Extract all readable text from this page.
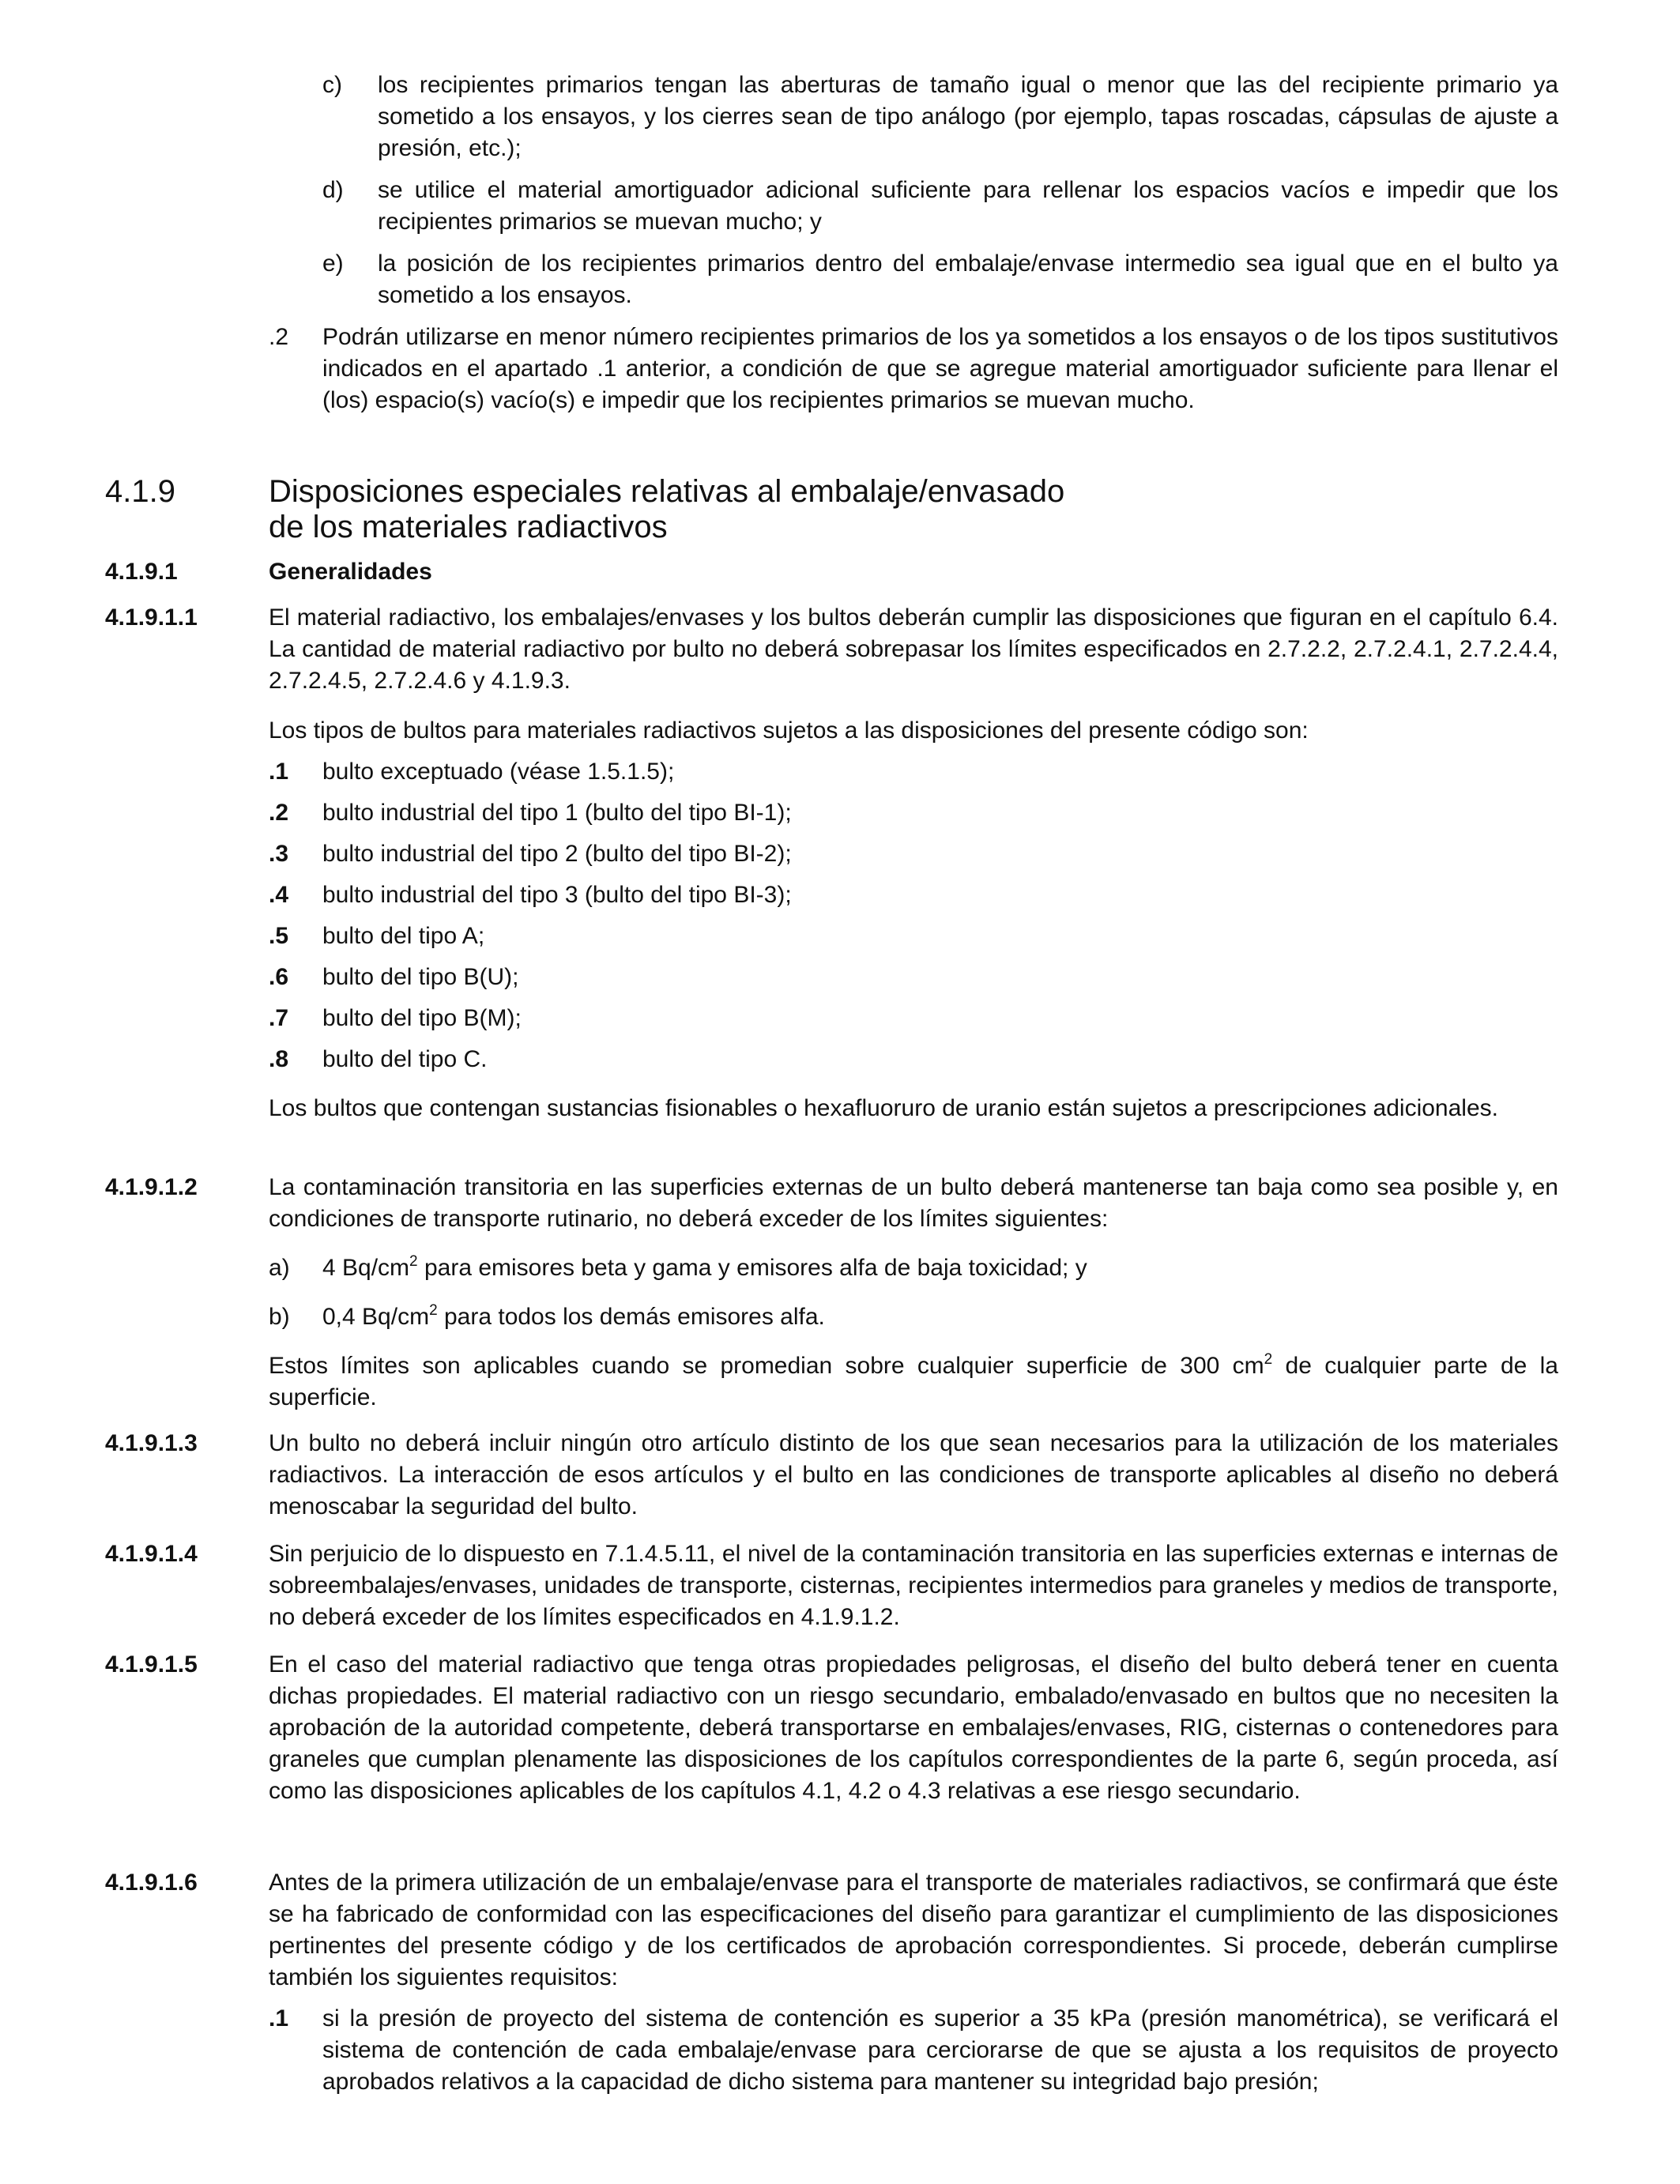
c) los recipientes primarios tengan las aberturas de tamaño igual o menor que las del recipiente primario ya sometido a los ensayos, y los cierres sean de tipo análogo (por ejemplo, tapas roscadas, cápsulas de ajuste a presión, etc.);

d) se utilice el material amortiguador adicional suficiente para rellenar los espacios vacíos e impedir que los recipientes primarios se muevan mucho; y

e) la posición de los recipientes primarios dentro del embalaje/envase intermedio sea igual que en el bulto ya sometido a los ensayos.

.2 Podrán utilizarse en menor número recipientes primarios de los ya sometidos a los ensayos o de los tipos sustitutivos indicados en el apartado .1 anterior, a condición de que se agregue material amortiguador suficiente para llenar el (los) espacio(s) vacío(s) e impedir que los recipientes primarios se muevan mucho.

4.1.9	Disposiciones especiales relativas al embalaje/envasado
de los materiales radiactivos
4.1.9.1	Generalidades
4.1.9.1.1	El material radiactivo, los embalajes/envases y los bultos deberán cumplir las disposiciones que figuran en el capítulo 6.4. La cantidad de material radiactivo por bulto no deberá sobrepasar los límites especificados en 2.7.2.2, 2.7.2.4.1, 2.7.2.4.4, 2.7.2.4.5, 2.7.2.4.6 y 4.1.9.3.

Los tipos de bultos para materiales radiactivos sujetos a las disposiciones del presente código son:

.1 bulto exceptuado (véase 1.5.1.5);
.2 bulto industrial del tipo 1 (bulto del tipo BI-1);
.3 bulto industrial del tipo 2 (bulto del tipo BI-2);
.4 bulto industrial del tipo 3 (bulto del tipo BI-3);
.5 bulto del tipo A;
.6 bulto del tipo B(U);
.7 bulto del tipo B(M);
.8 bulto del tipo C.

Los bultos que contengan sustancias fisionables o hexafluoruro de uranio están sujetos a prescripciones adicionales.

4.1.9.1.2	La contaminación transitoria en las superficies externas de un bulto deberá mantenerse tan baja como sea posible y, en condiciones de transporte rutinario, no deberá exceder de los límites siguientes:

a) 4 $Bq/cm^2$ para emisores beta y gama y emisores alfa de baja toxicidad; y

b) 0,4 $Bq/cm^2$ para todos los demás emisores alfa.

Estos límites son aplicables cuando se promedian sobre cualquier superficie de 300 $cm^2$ de cualquier parte de la superficie.

4.1.9.1.3	Un bulto no deberá incluir ningún otro artículo distinto de los que sean necesarios para la utilización de los materiales radiactivos. La interacción de esos artículos y el bulto en las condiciones de transporte aplicables al diseño no deberá menoscabar la seguridad del bulto.

4.1.9.1.4	Sin perjuicio de lo dispuesto en 7.1.4.5.11, el nivel de la contaminación transitoria en las superficies externas e internas de sobreembalajes/envases, unidades de transporte, cisternas, recipientes intermedios para graneles y medios de transporte, no deberá exceder de los límites especificados en 4.1.9.1.2.

4.1.9.1.5	En el caso del material radiactivo que tenga otras propiedades peligrosas, el diseño del bulto deberá tener en cuenta dichas propiedades. El material radiactivo con un riesgo secundario, embalado/envasado en bultos que no necesiten la aprobación de la autoridad competente, deberá transportarse en embalajes/envases, RIG, cisternas o contenedores para graneles que cumplan plenamente las disposiciones de los capítulos correspondientes de la parte 6, según proceda, así como las disposiciones aplicables de los capítulos 4.1, 4.2 o 4.3 relativas a ese riesgo secundario.

4.1.9.1.6	Antes de la primera utilización de un embalaje/envase para el transporte de materiales radiactivos, se confirmará que éste se ha fabricado de conformidad con las especificaciones del diseño para garantizar el cumplimiento de las disposiciones pertinentes del presente código y de los certificados de aprobación correspondientes. Si procede, deberán cumplirse también los siguientes requisitos:

.1 si la presión de proyecto del sistema de contención es superior a 35 kPa (presión manométrica), se verificará el sistema de contención de cada embalaje/envase para cerciorarse de que se ajusta a los requisitos de proyecto aprobados relativos a la capacidad de dicho sistema para mantener su integridad bajo presión;
